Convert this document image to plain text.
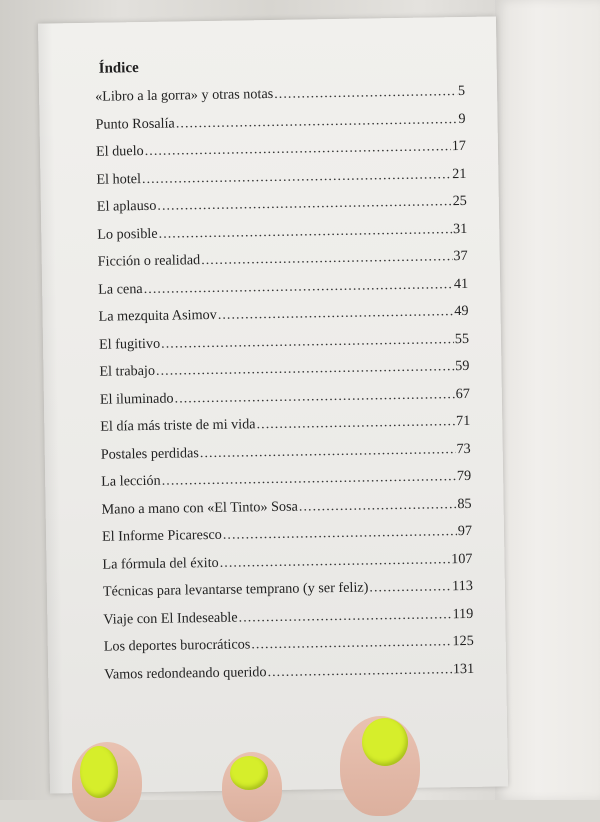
Índice
«Libro a la gorra» y otras notas .....	5
Punto Rosalía .....	9
El duelo .....	17
El hotel .....	21
El aplauso .....	25
Lo posible .....	31
Ficción o realidad .....	37
La cena .....	41
La mezquita Asimov .....	49
El fugitivo .....	55
El trabajo .....	59
El iluminado .....	67
El día más triste de mi vida .....	71
Postales perdidas .....	73
La lección .....	79
Mano a mano con «El Tinto» Sosa .....	85
El Informe Picaresco .....	97
La fórmula del éxito .....	107
Técnicas para levantarse temprano (y ser feliz) .....	113
Viaje con El Indeseable .....	119
Los deportes burocráticos .....	125
Vamos redondeando querido .....	131
